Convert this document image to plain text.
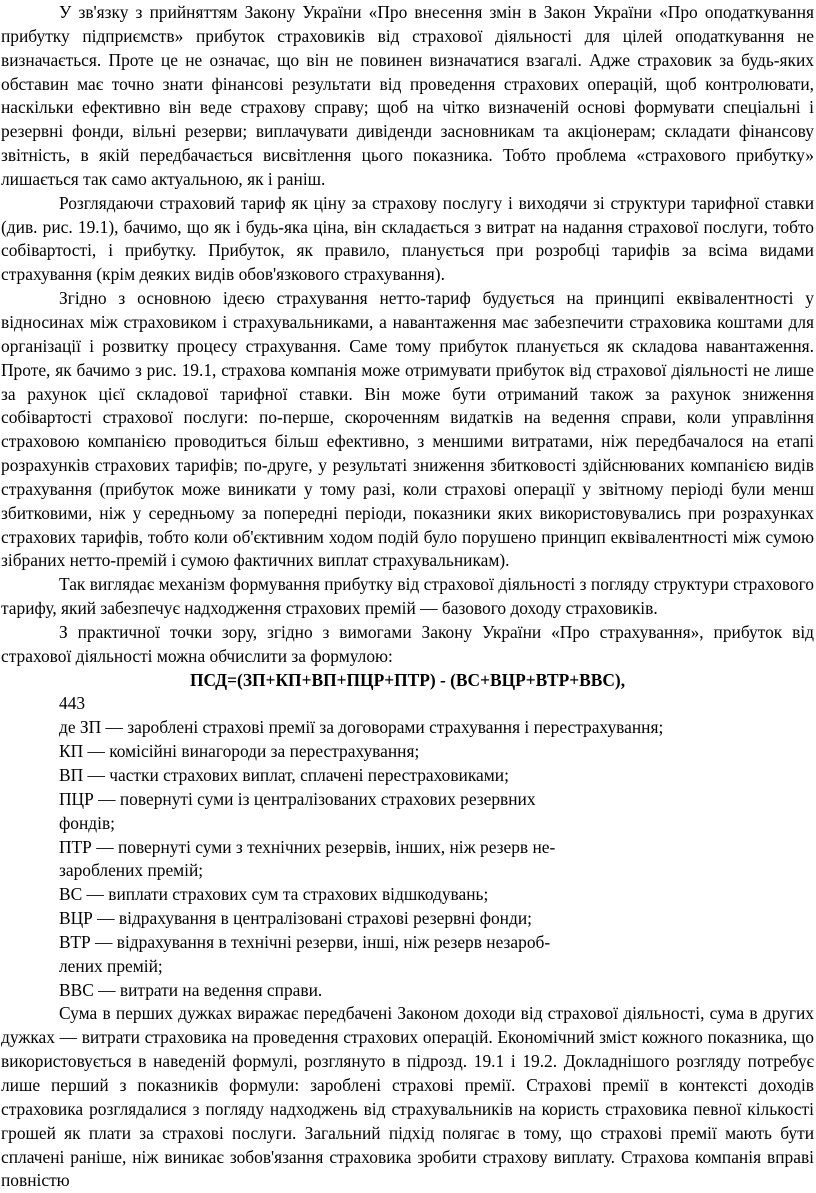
У зв'язку з прийняттям Закону України «Про внесення змін в Закон України «Про оподаткування прибутку підприємств» прибуток страховиків від страхової діяльності для цілей оподаткування не визначається. Проте це не означає, що він не повинен визначатися взагалі. Адже страховик за будь-яких обставин має точно знати фінансові результати від проведення страхових операцій, щоб контролювати, наскільки ефективно він веде страхову справу; щоб на чітко визначеній основі формувати спеціальні і резервні фонди, вільні резерви; виплачувати дивіденди засновникам та акціонерам; складати фінансову звітність, в якій передбачається висвітлення цього показника. Тобто проблема «страхового прибутку» лишається так само актуальною, як і раніш.

Розглядаючи страховий тариф як ціну за страхову послугу і виходячи зі структури тарифної ставки (див. рис. 19.1), бачимо, що як і будь-яка ціна, він складається з витрат на надання страхової послуги, тобто собівартості, і прибутку. Прибуток, як правило, планується при розробці тарифів за всіма видами страхування (крім деяких видів обов'язкового страхування).

Згідно з основною ідеєю страхування нетто-тариф будується на принципі еквівалентності у відносинах між страховиком і страхувальниками, а навантаження має забезпечити страховика коштами для організації і розвитку процесу страхування. Саме тому прибуток планується як складова навантаження. Проте, як бачимо з рис. 19.1, страхова компанія може отримувати прибуток від страхової діяльності не лише за рахунок цієї складової тарифної ставки. Він може бути отриманий також за рахунок зниження собівартості страхової послуги: по-перше, скороченням видатків на ведення справи, коли управління страховою компанією проводиться більш ефективно, з меншими витратами, ніж передбачалося на етапі розрахунків страхових тарифів; по-друге, у результаті зниження збитковості здійснюваних компанією видів страхування (прибуток може виникати у тому разі, коли страхові операції у звітному періоді були менш збитковими, ніж у середньому за попередні періоди, показники яких використовувались при розрахунках страхових тарифів, тобто коли об'єктивним ходом подій було порушено принцип еквівалентності між сумою зібраних нетто-премій і сумою фактичних виплат страхувальникам).

Так виглядає механізм формування прибутку від страхової діяльності з погляду структури страхового тарифу, який забезпечує надходження страхових премій — базового доходу страховиків.

З практичної точки зору, згідно з вимогами Закону України «Про страхування», прибуток від страхової діяльності можна обчислити за формулою:

ПСД=(ЗП+КП+ВП+ПЦР+ПТР) - (ВС+ВЦР+ВТР+ВВС),

443
де ЗП — зароблені страхові премії за договорами страхування і перестрахування;
КП — комісійні винагороди за перестрахування;
ВП — частки страхових виплат, сплачені перестраховиками;
ПЦР — повернуті суми із централізованих страхових резервних
фондів;
ПТР — повернуті суми з технічних резервів, інших, ніж резерв не-
зароблених премій;
ВС — виплати страхових сум та страхових відшкодувань;
ВЦР — відрахування в централізовані страхові резервні фонди;
ВТР — відрахування в технічні резерви, інші, ніж резерв незароб-
лених премій;
ВВС — витрати на ведення справи.

Сума в перших дужках виражає передбачені Законом доходи від страхової діяльності, сума в других дужках — витрати страховика на проведення страхових операцій. Економічний зміст кожного показника, що використовується в наведеній формулі, розглянуто в підрозд. 19.1 і 19.2. Докладнішого розгляду потребує лише перший з показників формули: зароблені страхові премії. Страхові премії в контексті доходів страховика розглядалися з погляду надходжень від страхувальників на користь страховика певної кількості грошей як плати за страхові послуги. Загальний підхід полягає в тому, що страхові премії мають бути сплачені раніше, ніж виникає зобов'язання страховика зробити страхову виплату. Страхова компанія вправі повністю
